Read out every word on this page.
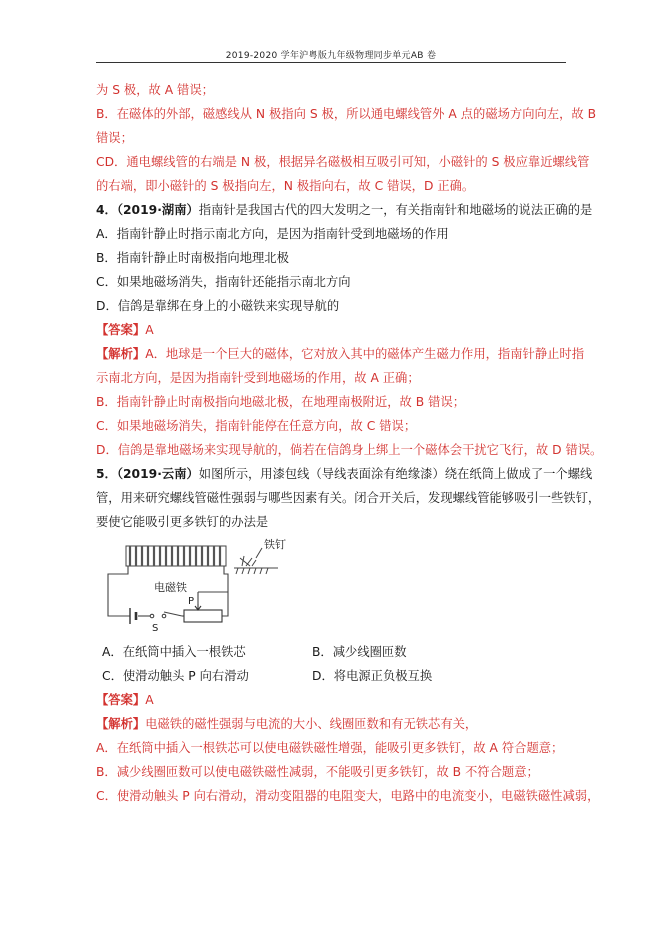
2019-2020 学年沪粤版九年级物理同步单元AB 卷
为 S 极，故 A 错误；
B．在磁体的外部，磁感线从 N 极指向 S 极，所以通电螺线管外 A 点的磁场方向向左，故 B
错误；
CD．通电螺线管的右端是 N 极，根据异名磁极相互吸引可知，小磁针的 S 极应靠近螺线管
的右端，即小磁针的 S 极指向左，N 极指向右，故 C 错误，D 正确。
4．（2019·湖南）指南针是我国古代的四大发明之一，有关指南针和地磁场的说法正确的是
A．指南针静止时指示南北方向，是因为指南针受到地磁场的作用
B．指南针静止时南极指向地理北极
C．如果地磁场消失，指南针还能指示南北方向
D．信鸽是靠绑在身上的小磁铁来实现导航的
【答案】A
【解析】A．地球是一个巨大的磁体，它对放入其中的磁体产生磁力作用，指南针静止时指
示南北方向，是因为指南针受到地磁场的作用，故 A 正确；
B．指南针静止时南极指向地磁北极，在地理南极附近，故 B 错误；
C．如果地磁场消失，指南针能停在任意方向，故 C 错误；
D．信鸽是靠地磁场来实现导航的，倘若在信鸽身上绑上一个磁体会干扰它飞行，故 D 错误。
5．（2019·云南）如图所示，用漆包线（导线表面涂有绝缘漆）绕在纸筒上做成了一个螺线
管，用来研究螺线管磁性强弱与哪些因素有关。闭合开关后，发现螺线管能够吸引一些铁钉，
要使它能吸引更多铁钉的办法是
电磁铁
铁钉
P
S
A．在纸筒中插入一根铁芯	B．减少线圈匝数
C．使滑动触头 P 向右滑动	D．将电源正负极互换
【答案】A
【解析】电磁铁的磁性强弱与电流的大小、线圈匝数和有无铁芯有关，
A．在纸筒中插入一根铁芯可以使电磁铁磁性增强，能吸引更多铁钉，故 A 符合题意；
B．减少线圈匝数可以使电磁铁磁性减弱，不能吸引更多铁钉，故 B 不符合题意；
C．使滑动触头 P 向右滑动，滑动变阻器的电阻变大，电路中的电流变小，电磁铁磁性减弱，
